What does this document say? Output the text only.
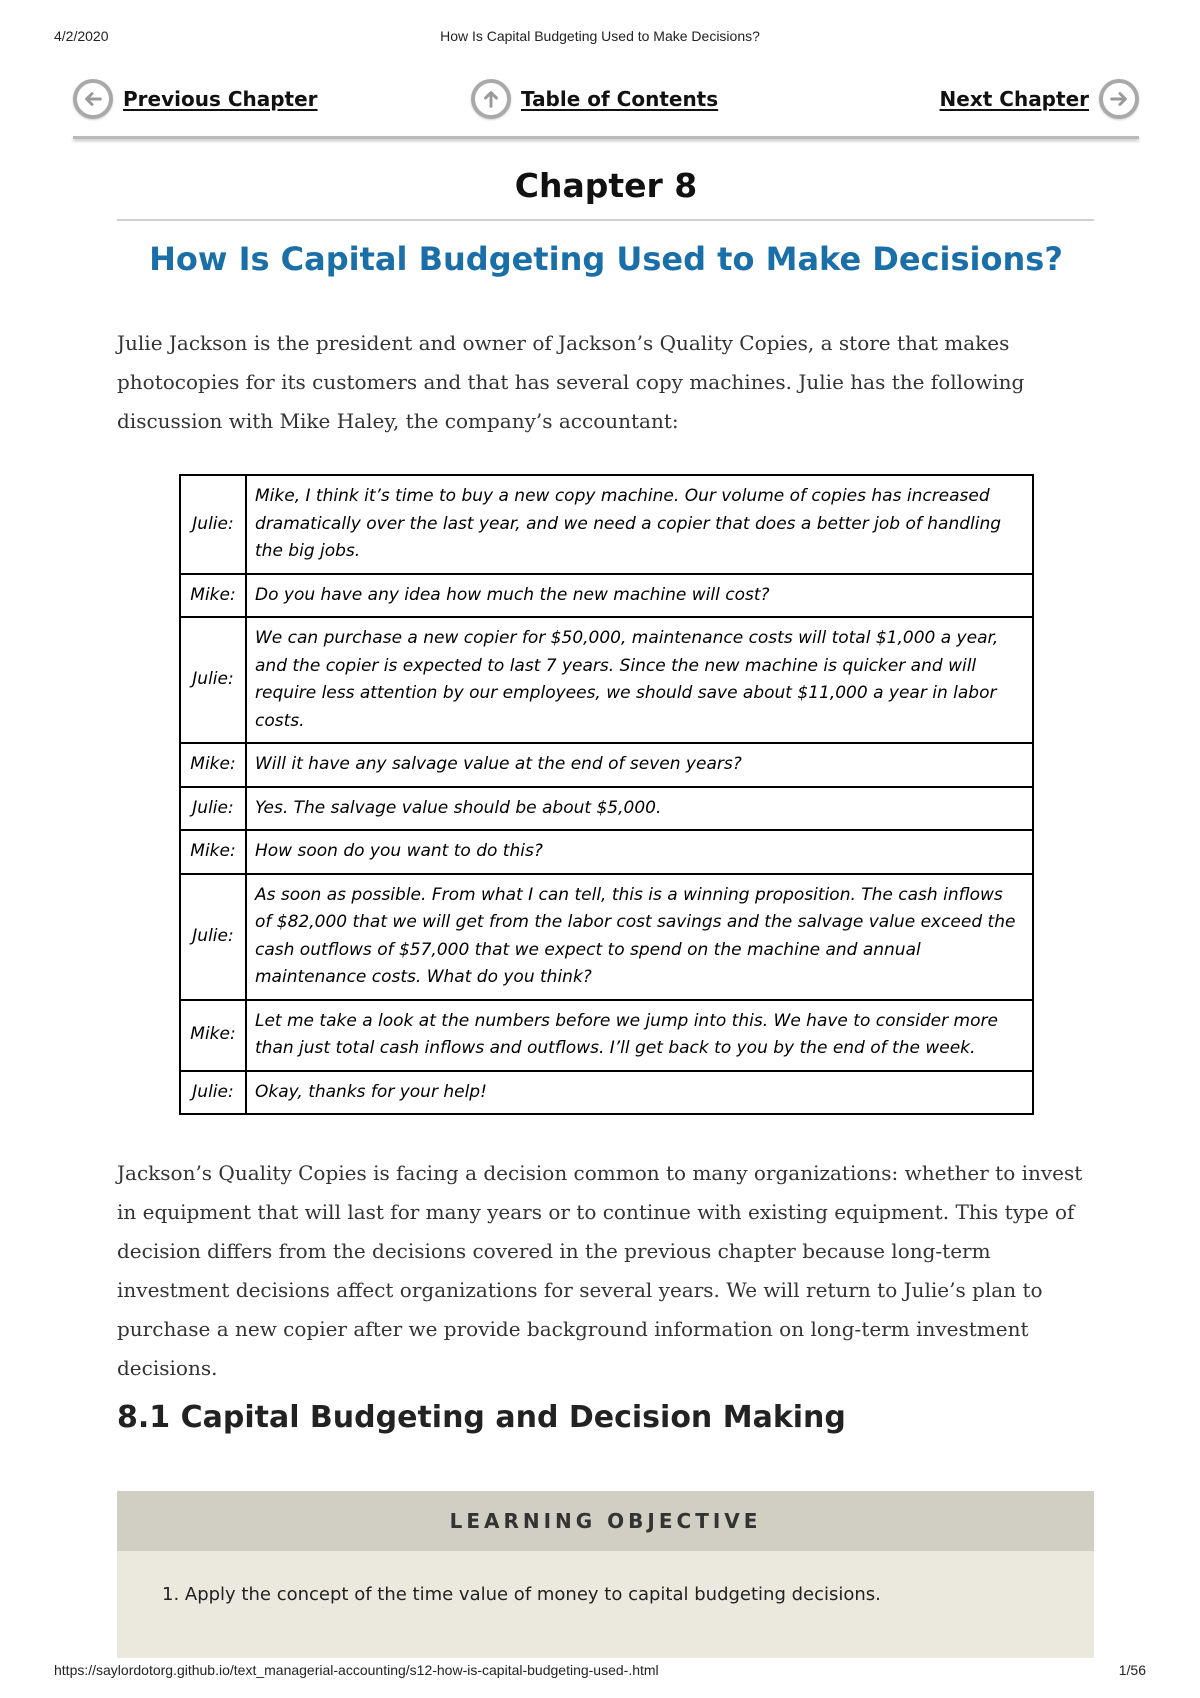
4/2/2020	How Is Capital Budgeting Used to Make Decisions?
Previous Chapter	Table of Contents	Next Chapter
Chapter 8
How Is Capital Budgeting Used to Make Decisions?

Julie Jackson is the president and owner of Jackson’s Quality Copies, a store that makes photocopies for its customers and that has several copy machines. Julie has the following discussion with Mike Haley, the company’s accountant:

Julie:	Mike, I think it’s time to buy a new copy machine. Our volume of copies has increased dramatically over the last year, and we need a copier that does a better job of handling the big jobs.
Mike:	Do you have any idea how much the new machine will cost?
Julie:	We can purchase a new copier for $50,000, maintenance costs will total $1,000 a year, and the copier is expected to last 7 years. Since the new machine is quicker and will require less attention by our employees, we should save about $11,000 a year in labor costs.
Mike:	Will it have any salvage value at the end of seven years?
Julie:	Yes. The salvage value should be about $5,000.
Mike:	How soon do you want to do this?
Julie:	As soon as possible. From what I can tell, this is a winning proposition. The cash inflows of $82,000 that we will get from the labor cost savings and the salvage value exceed the cash outflows of $57,000 that we expect to spend on the machine and annual maintenance costs. What do you think?
Mike:	Let me take a look at the numbers before we jump into this. We have to consider more than just total cash inflows and outflows. I’ll get back to you by the end of the week.
Julie:	Okay, thanks for your help!

Jackson’s Quality Copies is facing a decision common to many organizations: whether to invest in equipment that will last for many years or to continue with existing equipment. This type of decision differs from the decisions covered in the previous chapter because long-term investment decisions affect organizations for several years. We will return to Julie’s plan to purchase a new copier after we provide background information on long-term investment decisions.

8.1 Capital Budgeting and Decision Making
LEARNING OBJECTIVE
1. Apply the concept of the time value of money to capital budgeting decisions.
https://saylordotorg.github.io/text_managerial-accounting/s12-how-is-capital-budgeting-used-.html	1/56
